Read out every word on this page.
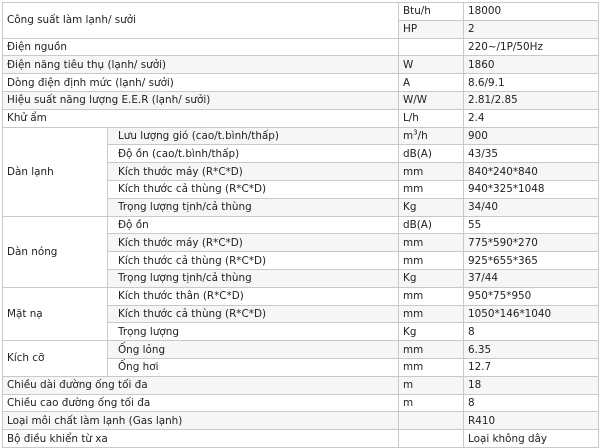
Công suất làm lạnh/ sưởi		Btu/h	18000
		HP	2
Điện nguồn			220~/1P/50Hz
Điện năng tiêu thụ (lạnh/ sưởi)		W	1860
Dòng điện định mức (lạnh/ sưởi)		A	8.6/9.1
Hiệu suất năng lượng E.E.R (lạnh/ sưởi)		W/W	2.81/2.85
Khử ẩm		L/h	2.4
Dàn lạnh	Lưu lượng gió (cao/t.bình/thấp)	$m^3/h$	900
	Độ ồn (cao/t.bình/thấp)	dB(A)	43/35
	Kích thước máy (R*C*D)	mm	840*240*840
	Kích thước cả thùng (R*C*D)	mm	940*325*1048
	Trọng lượng tịnh/cả thùng	Kg	34/40
Dàn nóng	Độ ồn	dB(A)	55
	Kích thước máy (R*C*D)	mm	775*590*270
	Kích thước cả thùng (R*C*D)	mm	925*655*365
	Trọng lượng tịnh/cả thùng	Kg	37/44
Mặt nạ	Kích thước thân (R*C*D)	mm	950*75*950
	Kích thước cả thùng (R*C*D)	mm	1050*146*1040
	Trọng lượng	Kg	8
Kích cỡ	Ống lỏng	mm	6.35
	Ống hơi	mm	12.7
Chiều dài đường ống tối đa		m	18
Chiều cao đường ống tối đa		m	8
Loại môi chất làm lạnh (Gas lạnh)			R410
Bộ điều khiển từ xa			Loại không dây
